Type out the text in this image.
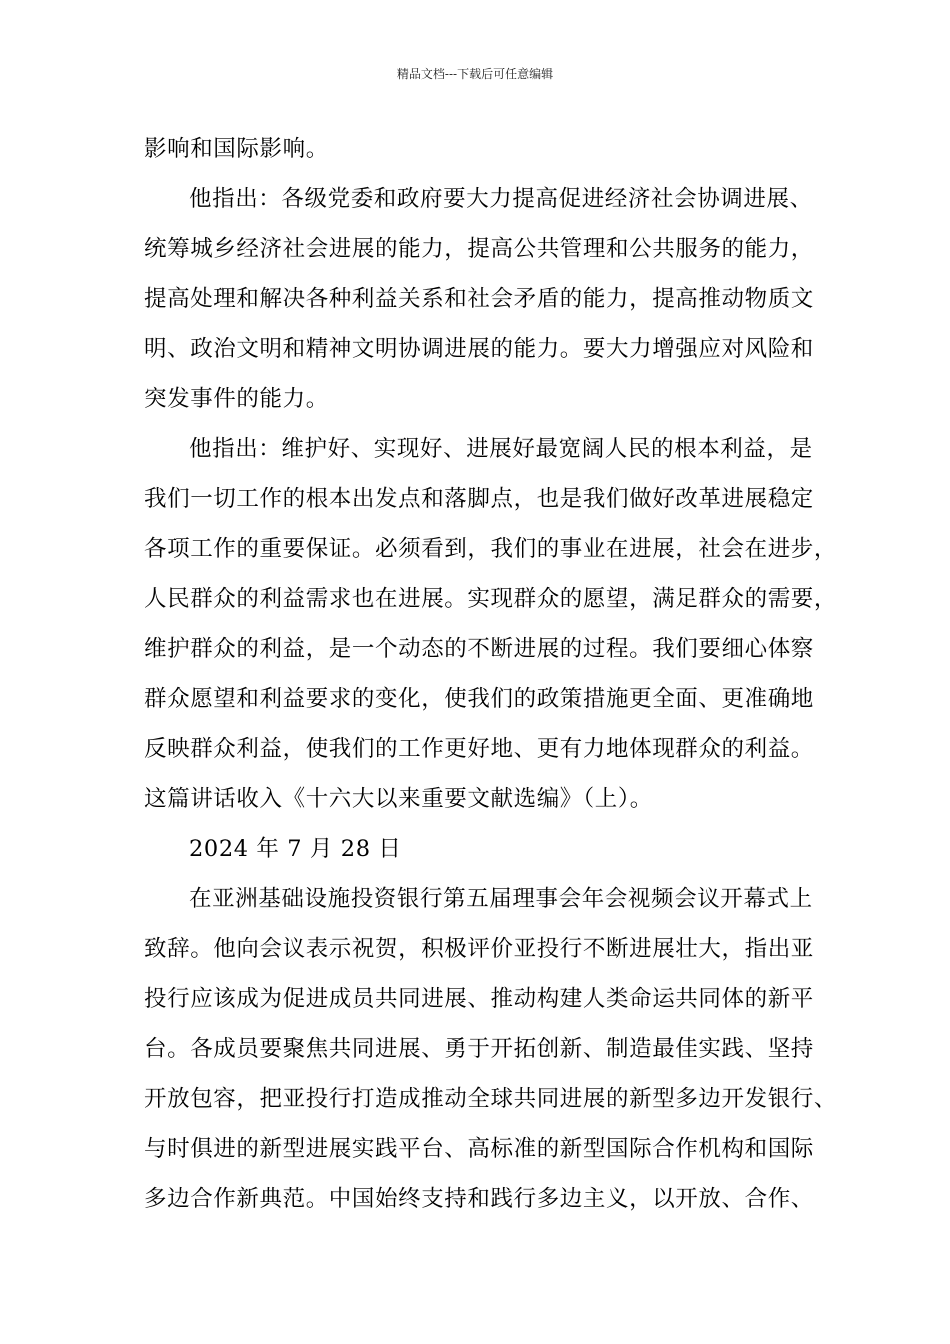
精品文档---下载后可任意编辑
影响和国际影响。
他指出：各级党委和政府要大力提高促进经济社会协调进展、
统筹城乡经济社会进展的能力，提高公共管理和公共服务的能力，
提高处理和解决各种利益关系和社会矛盾的能力，提高推动物质文
明、政治文明和精神文明协调进展的能力。要大力增强应对风险和
突发事件的能力。
他指出：维护好、实现好、进展好最宽阔人民的根本利益，是
我们一切工作的根本出发点和落脚点，也是我们做好改革进展稳定
各项工作的重要保证。必须看到，我们的事业在进展，社会在进步，
人民群众的利益需求也在进展。实现群众的愿望，满足群众的需要，
维护群众的利益，是一个动态的不断进展的过程。我们要细心体察
群众愿望和利益要求的变化，使我们的政策措施更全面、更准确地
反映群众利益，使我们的工作更好地、更有力地体现群众的利益。
这篇讲话收入《十六大以来重要文献选编》（上）。
2024 年 7 月 28 日
在亚洲基础设施投资银行第五届理事会年会视频会议开幕式上
致辞。他向会议表示祝贺，积极评价亚投行不断进展壮大，指出亚
投行应该成为促进成员共同进展、推动构建人类命运共同体的新平
台。各成员要聚焦共同进展、勇于开拓创新、制造最佳实践、坚持
开放包容，把亚投行打造成推动全球共同进展的新型多边开发银行、
与时俱进的新型进展实践平台、高标准的新型国际合作机构和国际
多边合作新典范。中国始终支持和践行多边主义，以开放、合作、
